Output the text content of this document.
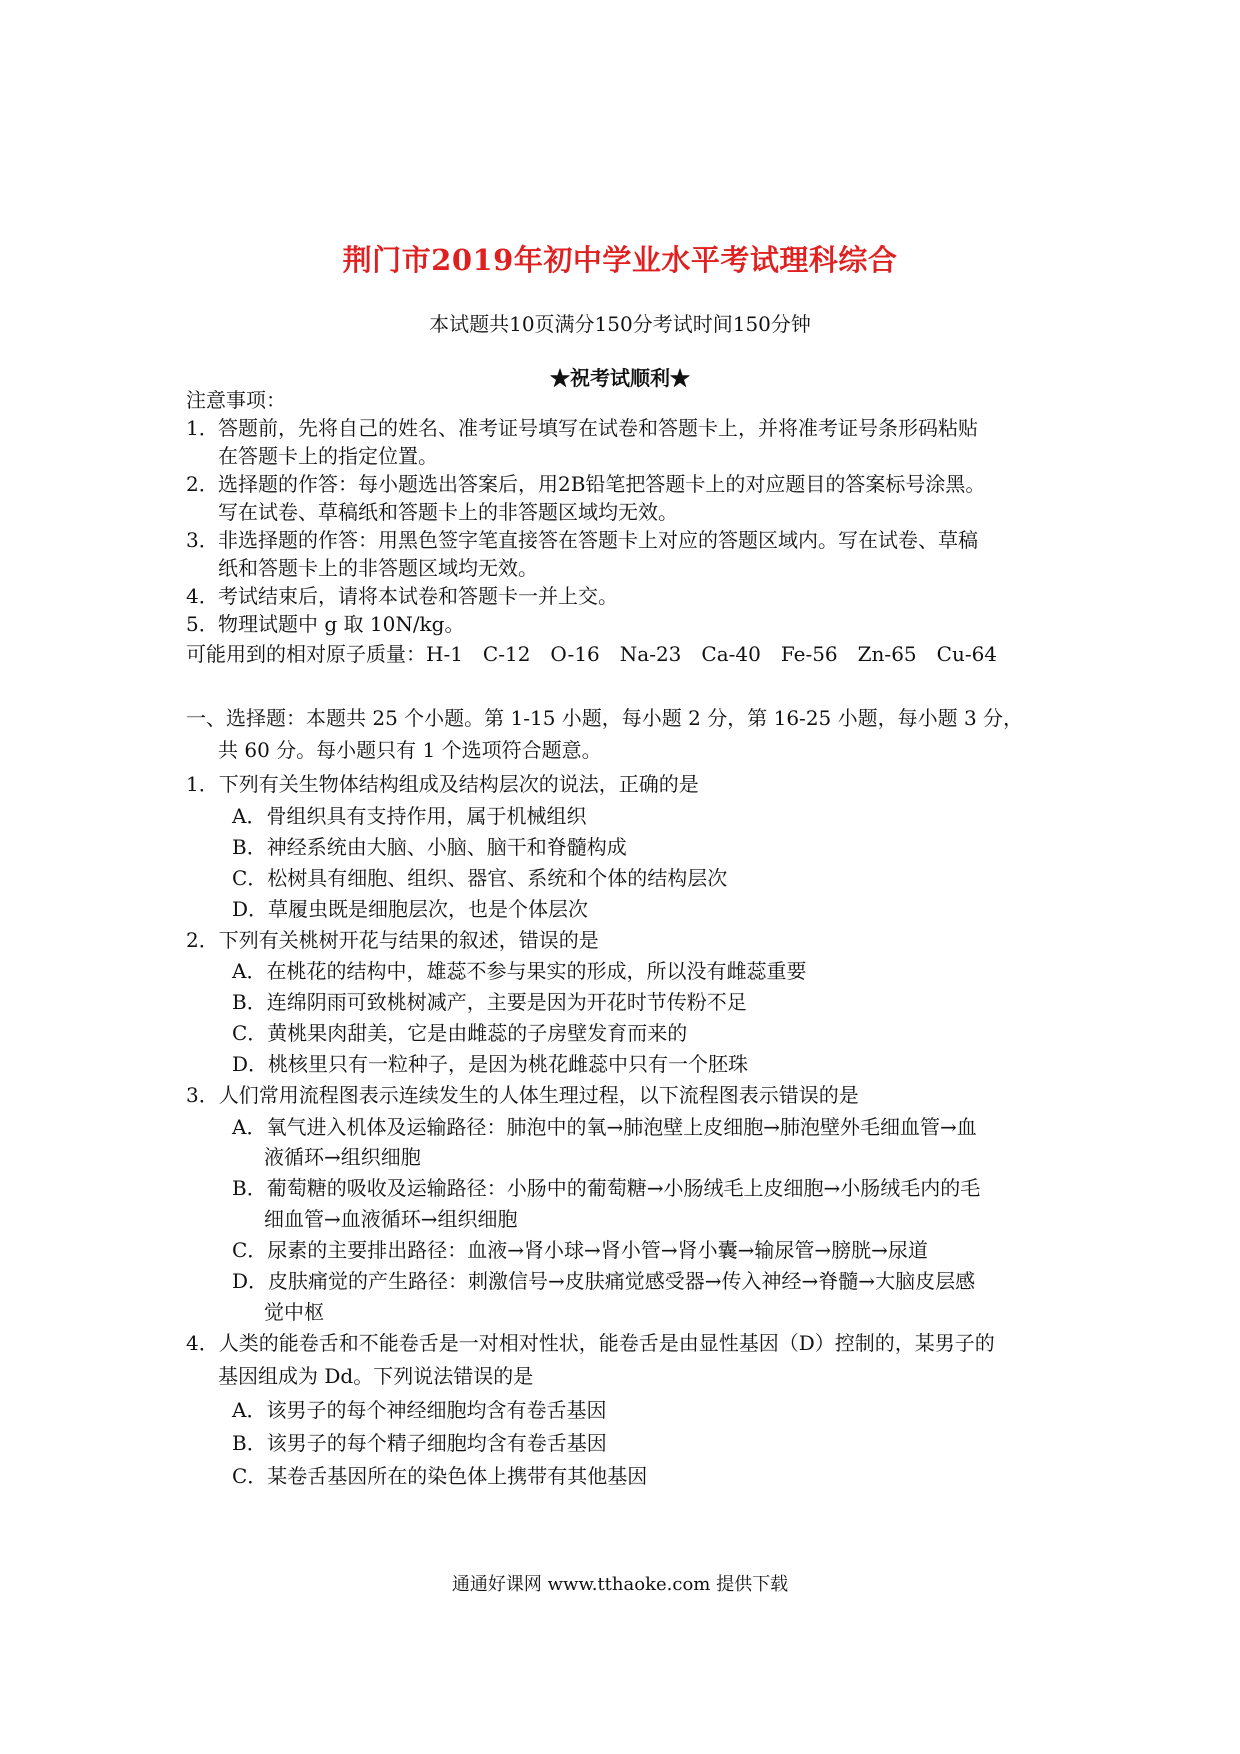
荆门市2019年初中学业水平考试理科综合
本试题共10页满分150分考试时间150分钟
★祝考试顺利★
注意事项：
1． 答题前，先将自己的姓名、准考证号填写在试卷和答题卡上，并将准考证号条形码粘贴
在答题卡上的指定位置。
2． 选择题的作答：每小题选出答案后，用2B铅笔把答题卡上的对应题目的答案标号涂黑。
写在试卷、草稿纸和答题卡上的非答题区域均无效。
3． 非选择题的作答：用黑色签字笔直接答在答题卡上对应的答题区域内。写在试卷、草稿
纸和答题卡上的非答题区域均无效。
4． 考试结束后，请将本试卷和答题卡一并上交。
5． 物理试题中 g 取 10N/kg。
可能用到的相对原子质量：H-1　C-12　O-16　Na-23　Ca-40　Fe-56　Zn-65　Cu-64
一、选择题：本题共 25 个小题。第 1-15 小题，每小题 2 分，第 16-25 小题，每小题 3 分，
共 60 分。每小题只有 1 个选项符合题意。
1．下列有关生物体结构组成及结构层次的说法，正确的是
A．骨组织具有支持作用，属于机械组织
B．神经系统由大脑、小脑、脑干和脊髓构成
C．松树具有细胞、组织、器官、系统和个体的结构层次
D．草履虫既是细胞层次，也是个体层次
2．下列有关桃树开花与结果的叙述，错误的是
A．在桃花的结构中，雄蕊不参与果实的形成，所以没有雌蕊重要
B．连绵阴雨可致桃树减产，主要是因为开花时节传粉不足
C．黄桃果肉甜美，它是由雌蕊的子房壁发育而来的
D．桃核里只有一粒种子，是因为桃花雌蕊中只有一个胚珠
3．人们常用流程图表示连续发生的人体生理过程，以下流程图表示错误的是
A．氧气进入机体及运输路径：肺泡中的氧→肺泡壁上皮细胞→肺泡壁外毛细血管→血
液循环→组织细胞
B．葡萄糖的吸收及运输路径：小肠中的葡萄糖→小肠绒毛上皮细胞→小肠绒毛内的毛
细血管→血液循环→组织细胞
C．尿素的主要排出路径：血液→肾小球→肾小管→肾小囊→输尿管→膀胱→尿道
D．皮肤痛觉的产生路径：刺激信号→皮肤痛觉感受器→传入神经→脊髓→大脑皮层感
觉中枢
4．人类的能卷舌和不能卷舌是一对相对性状，能卷舌是由显性基因（D）控制的，某男子的
基因组成为 Dd。下列说法错误的是
A．该男子的每个神经细胞均含有卷舌基因
B．该男子的每个精子细胞均含有卷舌基因
C．某卷舌基因所在的染色体上携带有其他基因
通通好课网 www.tthaoke.com 提供下载
